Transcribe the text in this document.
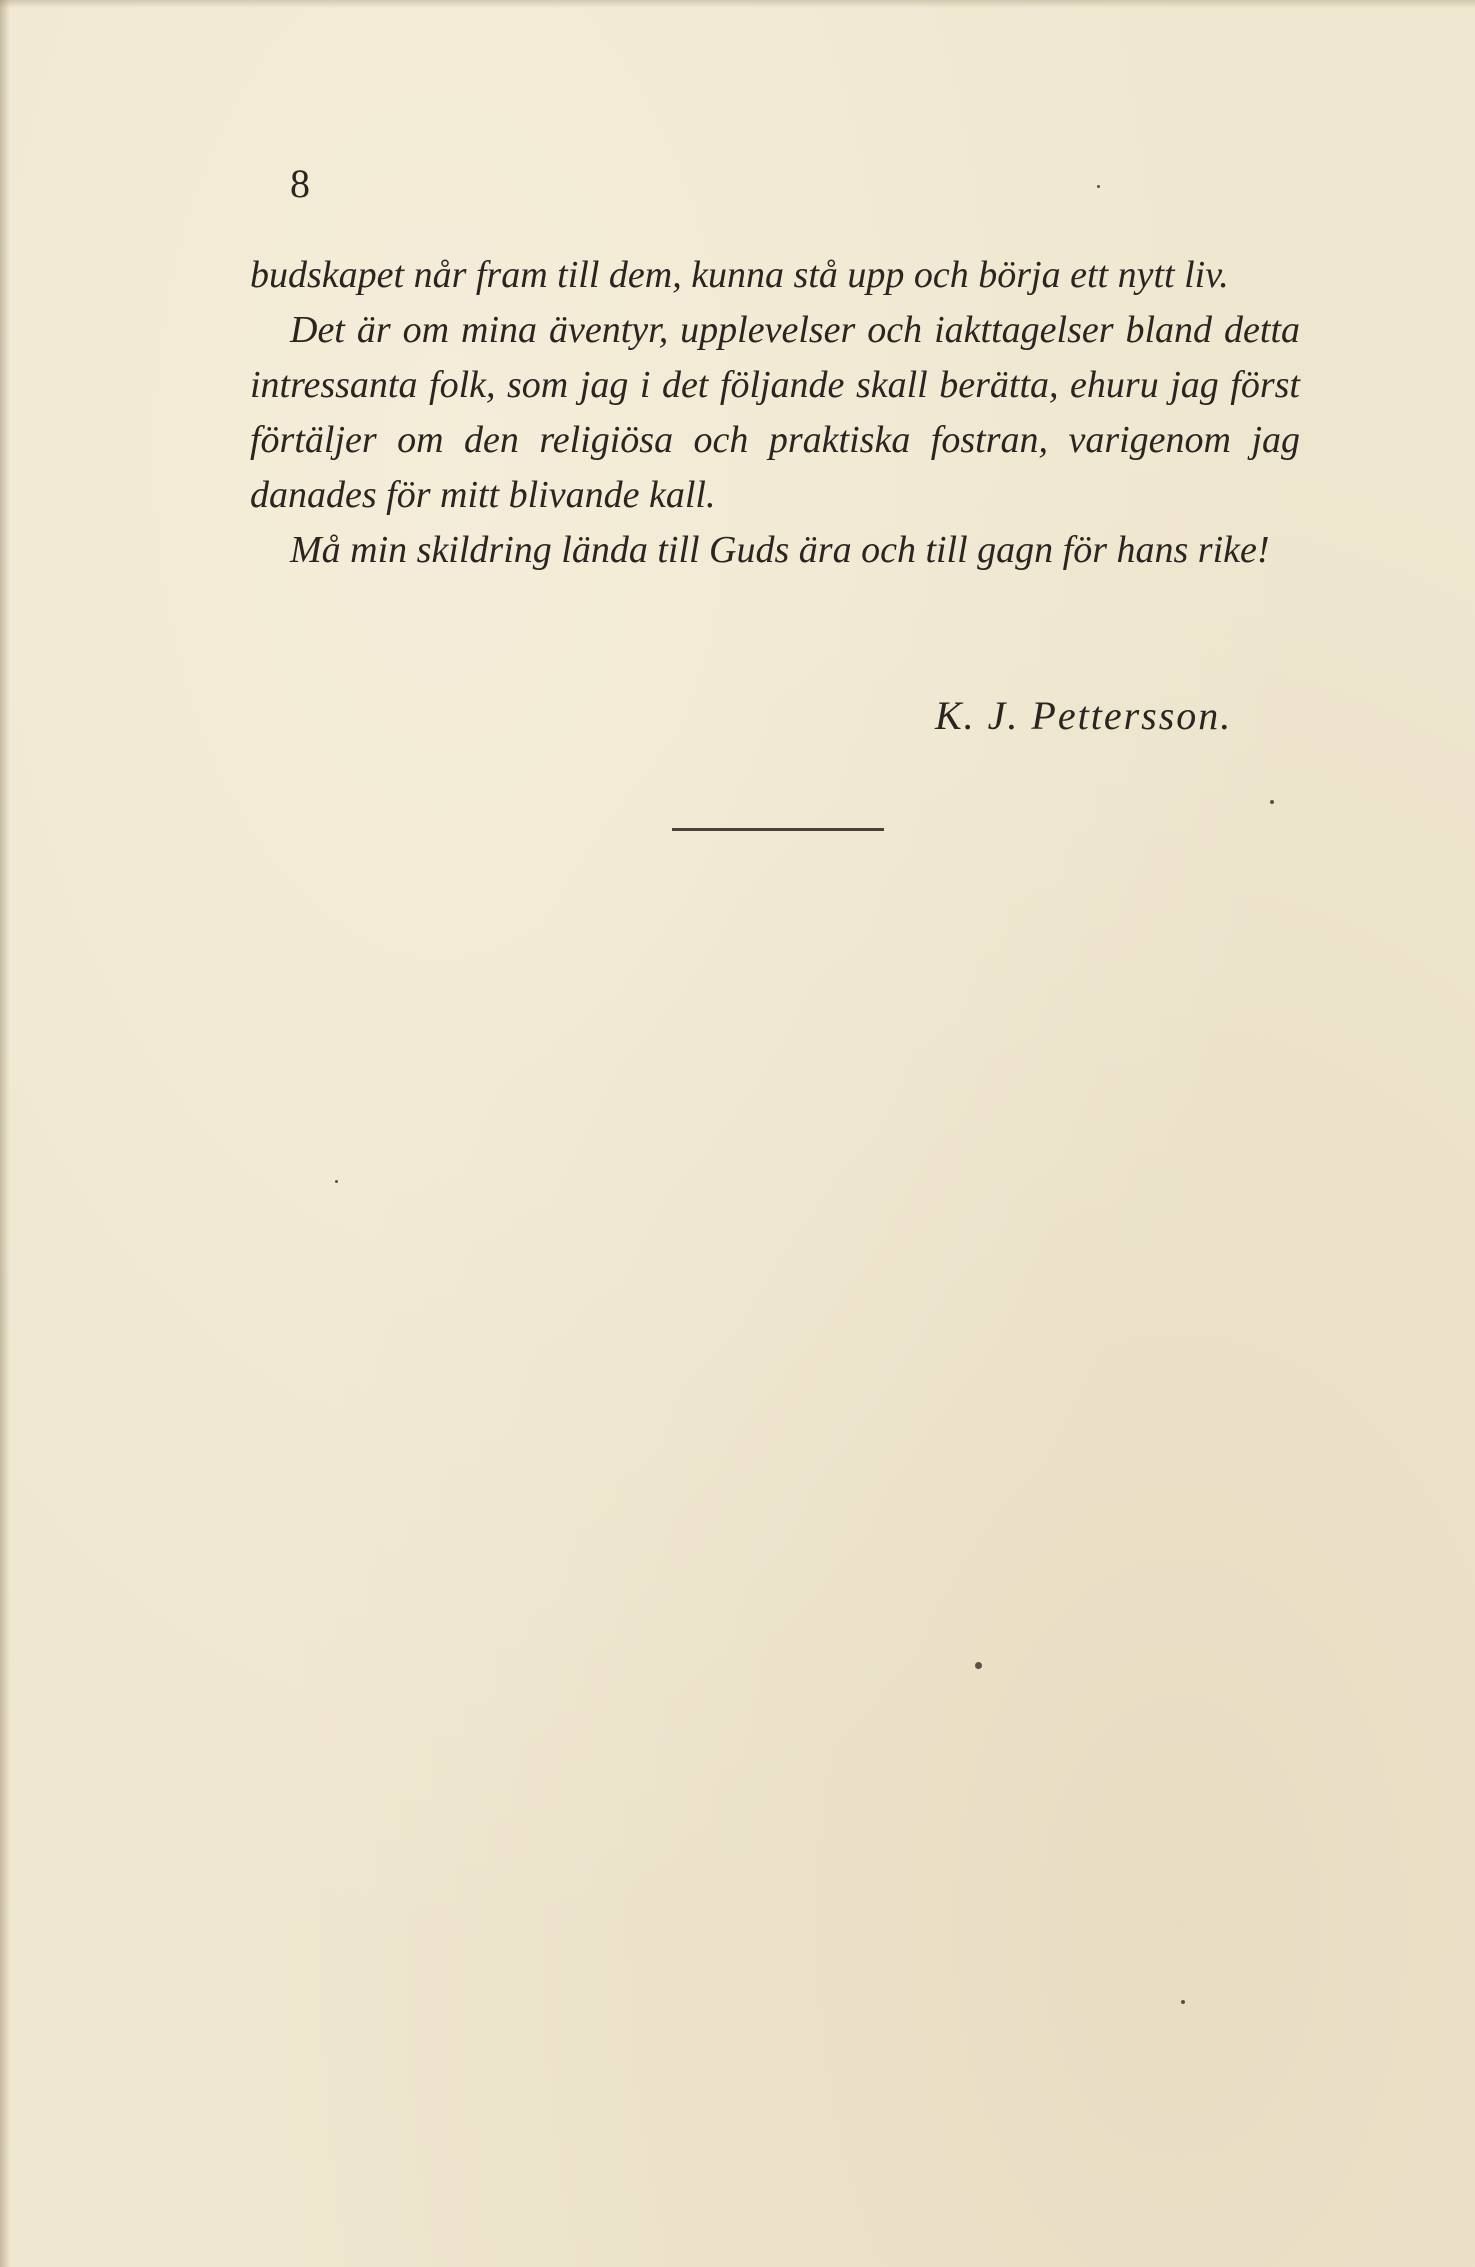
8

budskapet når fram till dem, kunna stå upp och börja ett nytt liv.

Det är om mina äventyr, upplevelser och iakttagelser bland detta intressanta folk, som jag i det följande skall berätta, ehuru jag först förtäljer om den religiösa och praktiska fostran, varigenom jag danades för mitt blivande kall.

Må min skildring lända till Guds ära och till gagn för hans rike!

K. J. Pettersson.
